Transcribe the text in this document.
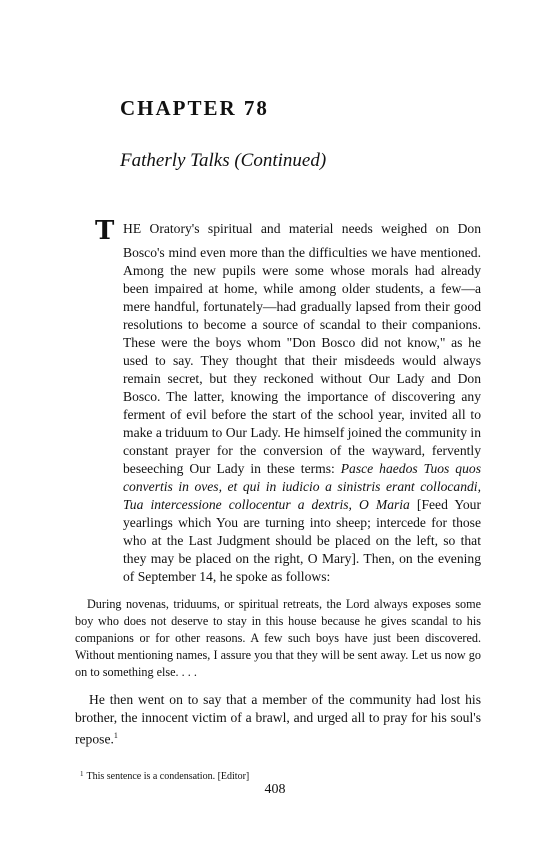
CHAPTER 78
Fatherly Talks (Continued)

THE Oratory's spiritual and material needs weighed on Don Bosco's mind even more than the difficulties we have mentioned. Among the new pupils were some whose morals had already been impaired at home, while among older students, a few—a mere handful, fortunately—had gradually lapsed from their good resolutions to become a source of scandal to their companions. These were the boys whom "Don Bosco did not know," as he used to say. They thought that their misdeeds would always remain secret, but they reckoned without Our Lady and Don Bosco. The latter, knowing the importance of discovering any ferment of evil before the start of the school year, invited all to make a triduum to Our Lady. He himself joined the community in constant prayer for the conversion of the wayward, fervently beseeching Our Lady in these terms: Pasce haedos Tuos quos convertis in oves, et qui in iudicio a sinistris erant collocandi, Tua intercessione collocentur a dextris, O Maria [Feed Your yearlings which You are turning into sheep; intercede for those who at the Last Judgment should be placed on the left, so that they may be placed on the right, O Mary]. Then, on the evening of September 14, he spoke as follows:

During novenas, triduums, or spiritual retreats, the Lord always exposes some boy who does not deserve to stay in this house because he gives scandal to his companions or for other reasons. A few such boys have just been discovered. Without mentioning names, I assure you that they will be sent away. Let us now go on to something else. . . .

He then went on to say that a member of the community had lost his brother, the innocent victim of a brawl, and urged all to pray for his soul's repose.$^1$

$^1$ This sentence is a condensation. [Editor]
408
